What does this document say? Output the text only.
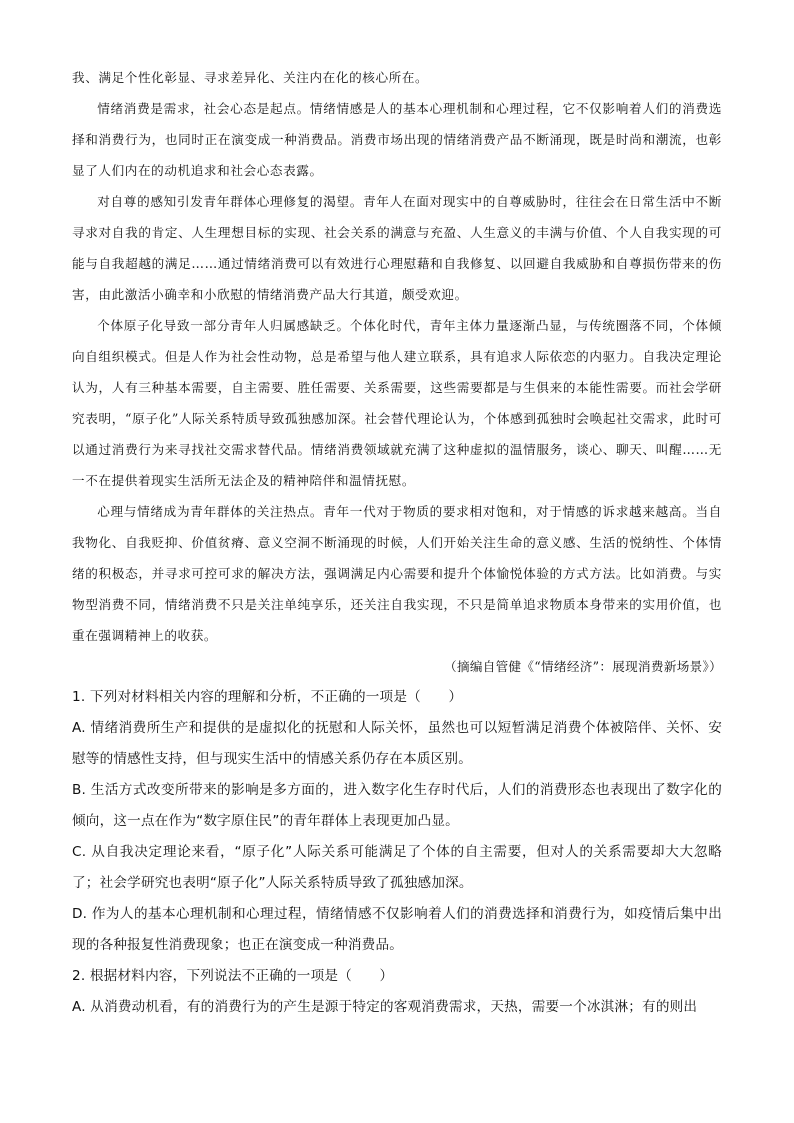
我、满足个性化彰显、寻求差异化、关注内在化的核心所在。

情绪消费是需求，社会心态是起点。情绪情感是人的基本心理机制和心理过程，它不仅影响着人们的消费选择和消费行为，也同时正在演变成一种消费品。消费市场出现的情绪消费产品不断涌现，既是时尚和潮流，也彰显了人们内在的动机追求和社会心态表露。

对自尊的感知引发青年群体心理修复的渴望。青年人在面对现实中的自尊威胁时，往往会在日常生活中不断寻求对自我的肯定、人生理想目标的实现、社会关系的满意与充盈、人生意义的丰满与价值、个人自我实现的可能与自我超越的满足……通过情绪消费可以有效进行心理慰藉和自我修复、以回避自我威胁和自尊损伤带来的伤害，由此激活小确幸和小欣慰的情绪消费产品大行其道，颇受欢迎。

个体原子化导致一部分青年人归属感缺乏。个体化时代，青年主体力量逐渐凸显，与传统圈落不同，个体倾向自组织模式。但是人作为社会性动物，总是希望与他人建立联系，具有追求人际依恋的内驱力。自我决定理论认为，人有三种基本需要，自主需要、胜任需要、关系需要，这些需要都是与生俱来的本能性需要。而社会学研究表明，“原子化”人际关系特质导致孤独感加深。社会替代理论认为，个体感到孤独时会唤起社交需求，此时可以通过消费行为来寻找社交需求替代品。情绪消费领域就充满了这种虚拟的温情服务，谈心、聊天、叫醒……无一不在提供着现实生活所无法企及的精神陪伴和温情抚慰。

心理与情绪成为青年群体的关注热点。青年一代对于物质的要求相对饱和，对于情感的诉求越来越高。当自我物化、自我贬抑、价值贫瘠、意义空洞不断涌现的时候，人们开始关注生命的意义感、生活的悦纳性、个体情绪的积极态，并寻求可控可求的解决方法，强调满足内心需要和提升个体愉悦体验的方式方法。比如消费。与实物型消费不同，情绪消费不只是关注单纯享乐，还关注自我实现，不只是简单追求物质本身带来的实用价值，也重在强调精神上的收获。

（摘编自管健《“情绪经济”：展现消费新场景》）

1. 下列对材料相关内容的理解和分析，不正确的一项是（　　）

A. 情绪消费所生产和提供的是虚拟化的抚慰和人际关怀，虽然也可以短暂满足消费个体被陪伴、关怀、安慰等的情感性支持，但与现实生活中的情感关系仍存在本质区别。

B. 生活方式改变所带来的影响是多方面的，进入数字化生存时代后，人们的消费形态也表现出了数字化的倾向，这一点在作为“数字原住民”的青年群体上表现更加凸显。

C. 从自我决定理论来看，“原子化”人际关系可能满足了个体的自主需要，但对人的关系需要却大大忽略了；社会学研究也表明“原子化”人际关系特质导致了孤独感加深。

D. 作为人的基本心理机制和心理过程，情绪情感不仅影响着人们的消费选择和消费行为，如疫情后集中出现的各种报复性消费现象；也正在演变成一种消费品。

2. 根据材料内容，下列说法不正确的一项是（　　）

A. 从消费动机看，有的消费行为的产生是源于特定的客观消费需求，天热，需要一个冰淇淋；有的则出
